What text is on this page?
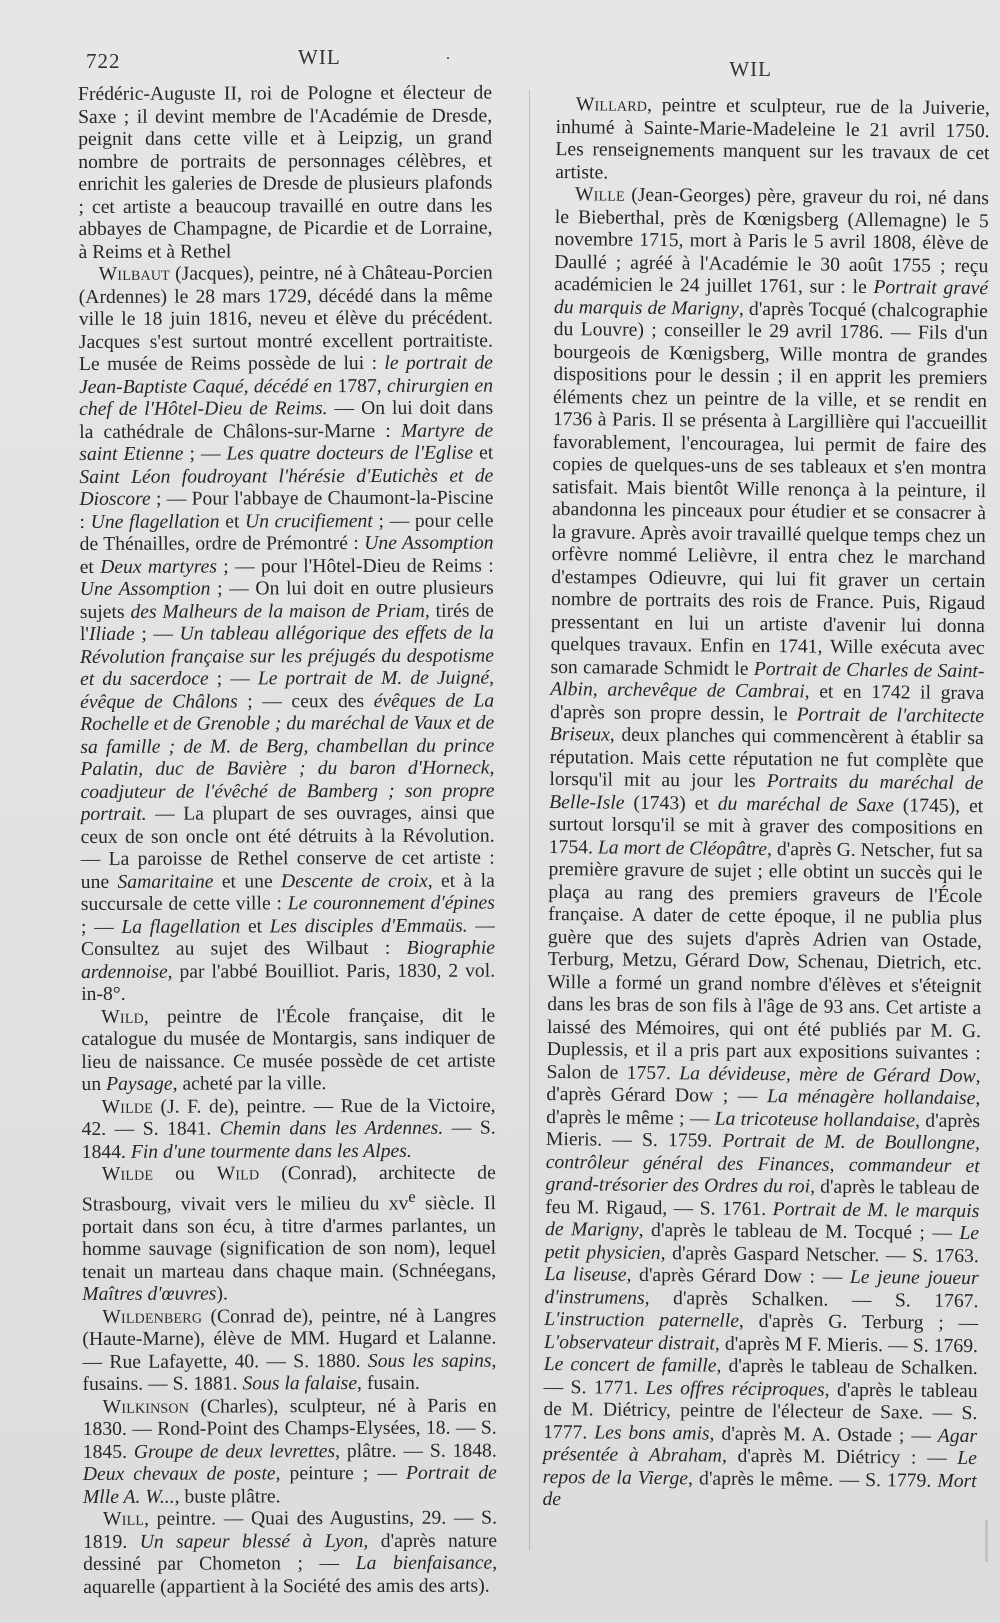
722	WIL	.
WIL

Frédéric-Auguste II, roi de Pologne et électeur de Saxe ; il devint membre de l'Académie de Dresde, peignit dans cette ville et à Leipzig, un grand nombre de portraits de personnages célèbres, et enrichit les galeries de Dresde de plusieurs plafonds ; cet artiste a beaucoup travaillé en outre dans les abbayes de Champagne, de Picardie et de Lorraine, à Reims et à Rethel

Wilbaut (Jacques), peintre, né à Château-Porcien (Ardennes) le 28 mars 1729, décédé dans la même ville le 18 juin 1816, neveu et élève du précédent. Jacques s'est surtout montré excellent portraitiste. Le musée de Reims possède de lui : le portrait de Jean-Baptiste Caqué, décédé en 1787, chirurgien en chef de l'Hôtel-Dieu de Reims. — On lui doit dans la cathédrale de Châlons-sur-Marne : Martyre de saint Etienne ; — Les quatre docteurs de l'Eglise et Saint Léon foudroyant l'hérésie d'Eutichès et de Dioscore ; — Pour l'abbaye de Chaumont-la-Piscine : Une flagellation et Un crucifiement ; — pour celle de Thénailles, ordre de Prémontré : Une Assomption et Deux martyres ; — pour l'Hôtel-Dieu de Reims : Une Assomption ; — On lui doit en outre plusieurs sujets des Malheurs de la maison de Priam, tirés de l'Iliade ; — Un tableau allégorique des effets de la Révolution française sur les préjugés du despotisme et du sacerdoce ; — Le portrait de M. de Juigné, évêque de Châlons ; — ceux des évêques de La Rochelle et de Grenoble ; du maréchal de Vaux et de sa famille ; de M. de Berg, chambellan du prince Palatin, duc de Bavière ; du baron d'Horneck, coadjuteur de l'évêché de Bamberg ; son propre portrait. — La plupart de ses ouvrages, ainsi que ceux de son oncle ont été détruits à la Révolution. — La paroisse de Rethel conserve de cet artiste : une Samaritaine et une Descente de croix, et à la succursale de cette ville : Le couronnement d'épines ; — La flagellation et Les disciples d'Emmaüs. — Consultez au sujet des Wilbaut : Biographie ardennoise, par l'abbé Bouilliot. Paris, 1830, 2 vol. in-8°.

Wild, peintre de l'École française, dit le catalogue du musée de Montargis, sans indiquer de lieu de naissance. Ce musée possède de cet artiste un Paysage, acheté par la ville.

Wilde (J. F. de), peintre. — Rue de la Victoire, 42. — S. 1841. Chemin dans les Ardennes. — S. 1844. Fin d'une tourmente dans les Alpes.

Wilde ou Wild (Conrad), architecte de Strasbourg, vivait vers le milieu du $xv^e$ siècle. Il portait dans son écu, à titre d'armes parlantes, un homme sauvage (signification de son nom), lequel tenait un marteau dans chaque main. (Schnéegans, Maîtres d'œuvres).

Wildenberg (Conrad de), peintre, né à Langres (Haute-Marne), élève de MM. Hugard et Lalanne. — Rue Lafayette, 40. — S. 1880. Sous les sapins, fusains. — S. 1881. Sous la falaise, fusain.

Wilkinson (Charles), sculpteur, né à Paris en 1830. — Rond-Point des Champs-Elysées, 18. — S. 1845. Groupe de deux levrettes, plâtre. — S. 1848. Deux chevaux de poste, peinture ; — Portrait de Mlle A. W..., buste plâtre.

Will, peintre. — Quai des Augustins, 29. — S. 1819. Un sapeur blessé à Lyon, d'après nature dessiné par Chometon ; — La bienfaisance, aquarelle (appartient à la Société des amis des arts).

Willard, peintre et sculpteur, rue de la Juiverie, inhumé à Sainte-Marie-Madeleine le 21 avril 1750. Les renseignements manquent sur les travaux de cet artiste.

Wille (Jean-Georges) père, graveur du roi, né dans le Bieberthal, près de Kœnigsberg (Allemagne) le 5 novembre 1715, mort à Paris le 5 avril 1808, élève de Daullé ; agréé à l'Académie le 30 août 1755 ; reçu académicien le 24 juillet 1761, sur : le Portrait gravé du marquis de Marigny, d'après Tocqué (chalcographie du Louvre) ; conseiller le 29 avril 1786. — Fils d'un bourgeois de Kœnigsberg, Wille montra de grandes dispositions pour le dessin ; il en apprit les premiers éléments chez un peintre de la ville, et se rendit en 1736 à Paris. Il se présenta à Largillière qui l'accueillit favorablement, l'encouragea, lui permit de faire des copies de quelques-uns de ses tableaux et s'en montra satisfait. Mais bientôt Wille renonça à la peinture, il abandonna les pinceaux pour étudier et se consacrer à la gravure. Après avoir travaillé quelque temps chez un orfèvre nommé Lelièvre, il entra chez le marchand d'estampes Odieuvre, qui lui fit graver un certain nombre de portraits des rois de France. Puis, Rigaud pressentant en lui un artiste d'avenir lui donna quelques travaux. Enfin en 1741, Wille exécuta avec son camarade Schmidt le Portrait de Charles de Saint-Albin, archevêque de Cambrai, et en 1742 il grava d'après son propre dessin, le Portrait de l'architecte Briseux, deux planches qui commencèrent à établir sa réputation. Mais cette réputation ne fut complète que lorsqu'il mit au jour les Portraits du maréchal de Belle-Isle (1743) et du maréchal de Saxe (1745), et surtout lorsqu'il se mit à graver des compositions en 1754. La mort de Cléopâtre, d'après G. Netscher, fut sa première gravure de sujet ; elle obtint un succès qui le plaça au rang des premiers graveurs de l'École française. A dater de cette époque, il ne publia plus guère que des sujets d'après Adrien van Ostade, Terburg, Metzu, Gérard Dow, Schenau, Dietrich, etc. Wille a formé un grand nombre d'élèves et s'éteignit dans les bras de son fils à l'âge de 93 ans. Cet artiste a laissé des Mémoires, qui ont été publiés par M. G. Duplessis, et il a pris part aux expositions suivantes : Salon de 1757. La dévideuse, mère de Gérard Dow, d'après Gérard Dow ; — La ménagère hollandaise, d'après le même ; — La tricoteuse hollandaise, d'après Mieris. — S. 1759. Portrait de M. de Boullongne, contrôleur général des Finances, commandeur et grand-trésorier des Ordres du roi, d'après le tableau de feu M. Rigaud, — S. 1761. Portrait de M. le marquis de Marigny, d'après le tableau de M. Tocqué ; — Le petit physicien, d'après Gaspard Netscher. — S. 1763. La liseuse, d'après Gérard Dow : — Le jeune joueur d'instrumens, d'après Schalken. — S. 1767. L'instruction paternelle, d'après G. Terburg ; — L'observateur distrait, d'après M F. Mieris. — S. 1769. Le concert de famille, d'après le tableau de Schalken. — S. 1771. Les offres réciproques, d'après le tableau de M. Diétricy, peintre de l'électeur de Saxe. — S. 1777. Les bons amis, d'après M. A. Ostade ; — Agar présentée à Abraham, d'après M. Diétricy : — Le repos de la Vierge, d'après le même. — S. 1779. Mort de
